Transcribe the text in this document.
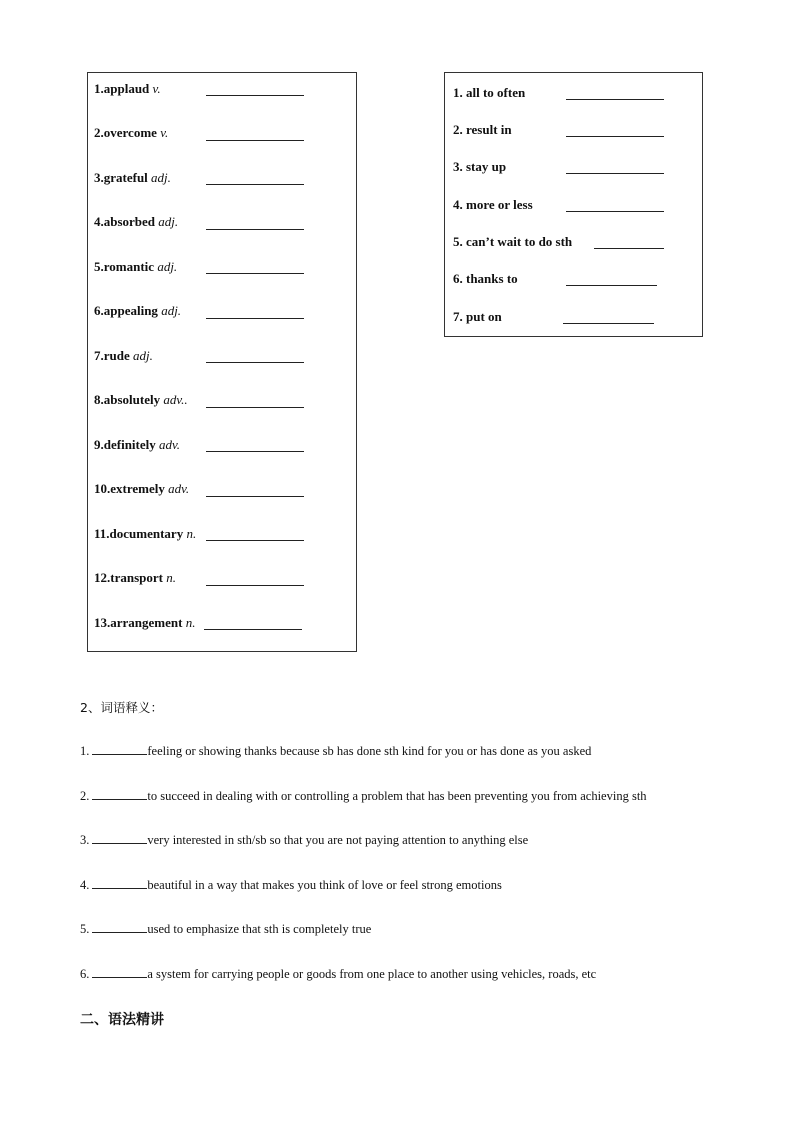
1.applaud v.
2.overcome v.
3.grateful adj.
4.absorbed adj.
5.romantic adj.
6.appealing adj.
7.rude adj.
8.absolutely adv..
9.definitely adv.
10.extremely adv.
11.documentary n.
12.transport n.
13.arrangement n.
1. all to often
2. result in
3. stay up
4. more or less
5. can’t wait to do sth
6. thanks to
7. put on
2、词语释义：
1.	feeling or showing thanks because sb has done sth kind for you or has done as you asked
2.	to succeed in dealing with or controlling a problem that has been preventing you from achieving sth
3.	very interested in sth/sb so that you are not paying attention to anything else
4.	beautiful in a way that makes you think of love or feel strong emotions
5.	used to emphasize that sth is completely true
6.	a system for carrying people or goods from one place to another using vehicles, roads, etc
二、语法精讲
